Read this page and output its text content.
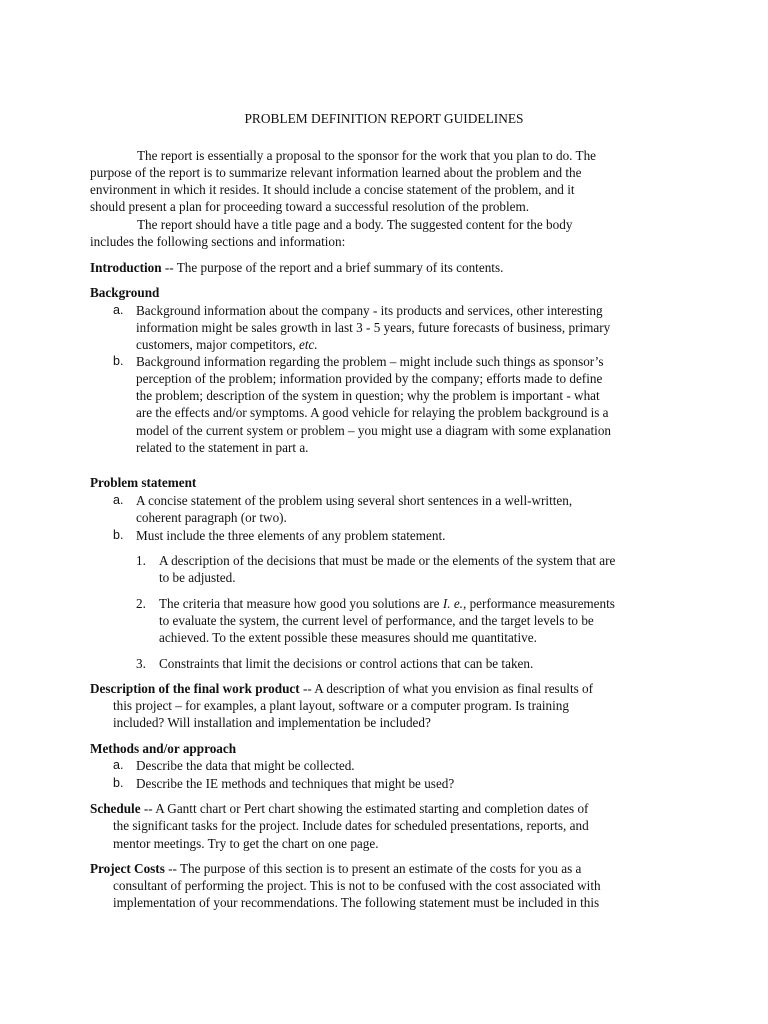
PROBLEM DEFINITION REPORT GUIDELINES
The report is essentially a proposal to the sponsor for the work that you plan to do. The
purpose of the report is to summarize relevant information learned about the problem and the
environment in which it resides. It should include a concise statement of the problem, and it
should present a plan for proceeding toward a successful resolution of the problem.
The report should have a title page and a body. The suggested content for the body
includes the following sections and information:
Introduction -- The purpose of the report and a brief summary of its contents.
Background
a. Background information about the company - its products and services, other interesting
information might be sales growth in last 3 - 5 years, future forecasts of business, primary
customers, major competitors, etc.
b. Background information regarding the problem – might include such things as sponsor’s
perception of the problem; information provided by the company; efforts made to define
the problem; description of the system in question; why the problem is important - what
are the effects and/or symptoms. A good vehicle for relaying the problem background is a
model of the current system or problem – you might use a diagram with some explanation
related to the statement in part a.
Problem statement
a. A concise statement of the problem using several short sentences in a well-written,
coherent paragraph (or two).
b. Must include the three elements of any problem statement.
1. A description of the decisions that must be made or the elements of the system that are
to be adjusted.
2. The criteria that measure how good you solutions are I. e., performance measurements
to evaluate the system, the current level of performance, and the target levels to be
achieved. To the extent possible these measures should me quantitative.
3. Constraints that limit the decisions or control actions that can be taken.
Description of the final work product -- A description of what you envision as final results of
this project – for examples, a plant layout, software or a computer program. Is training
included? Will installation and implementation be included?
Methods and/or approach
a. Describe the data that might be collected.
b. Describe the IE methods and techniques that might be used?
Schedule -- A Gantt chart or Pert chart showing the estimated starting and completion dates of
the significant tasks for the project. Include dates for scheduled presentations, reports, and
mentor meetings. Try to get the chart on one page.
Project Costs -- The purpose of this section is to present an estimate of the costs for you as a
consultant of performing the project. This is not to be confused with the cost associated with
implementation of your recommendations. The following statement must be included in this
